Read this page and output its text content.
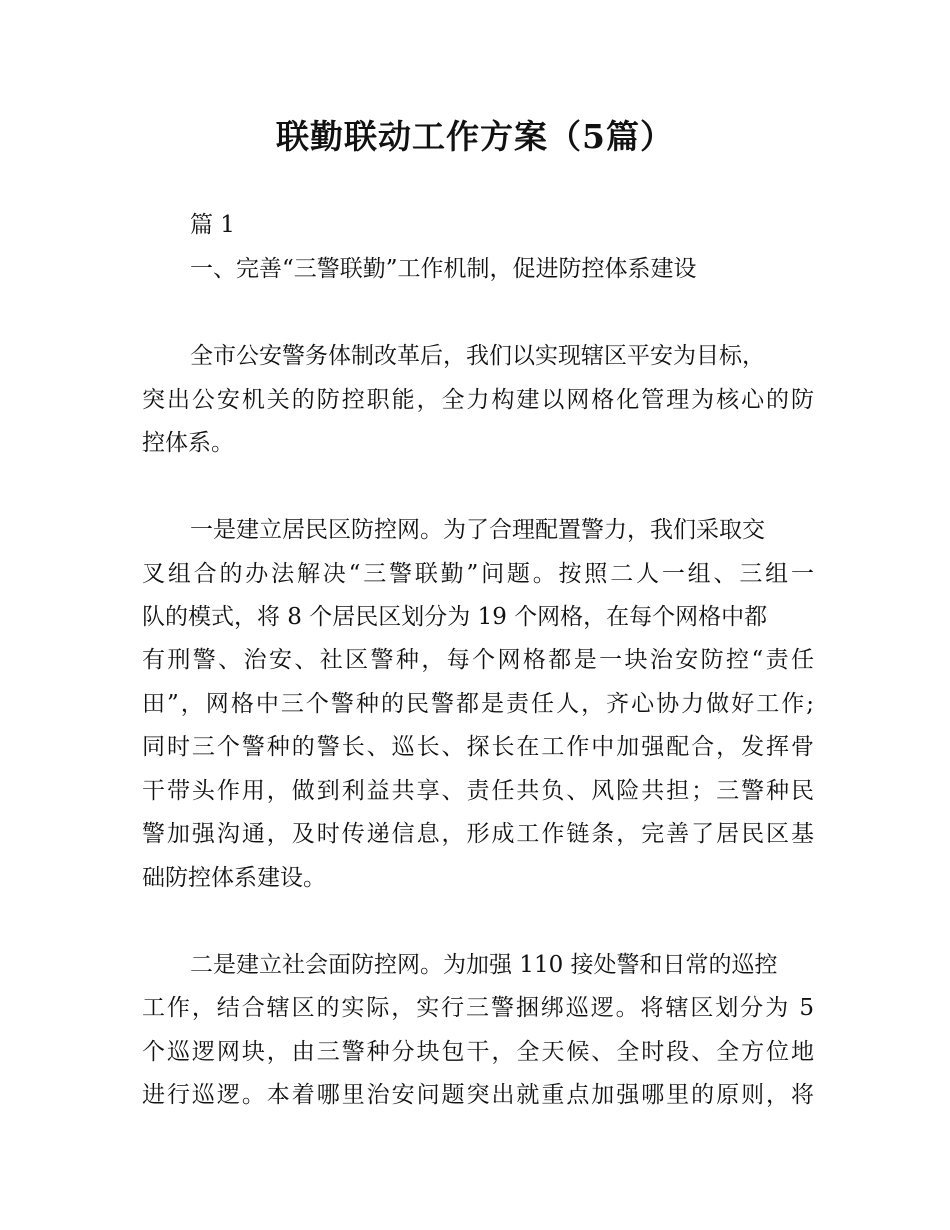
联勤联动工作方案（5篇）

篇 1

一、完善“三警联勤”工作机制，促进防控体系建设

全市公安警务体制改革后，我们以实现辖区平安为目标，

突出公安机关的防控职能，全力构建以网格化管理为核心的防

控体系。

一是建立居民区防控网。为了合理配置警力，我们采取交

叉组合的办法解决“三警联勤”问题。按照二人一组、三组一

队的模式，将 8 个居民区划分为 19 个网格，在每个网格中都

有刑警、治安、社区警种，每个网格都是一块治安防控“责任

田”，网格中三个警种的民警都是责任人，齐心协力做好工作;

同时三个警种的警长、巡长、探长在工作中加强配合，发挥骨

干带头作用，做到利益共享、责任共负、风险共担；三警种民

警加强沟通，及时传递信息，形成工作链条，完善了居民区基

础防控体系建设。

二是建立社会面防控网。为加强 110 接处警和日常的巡控

工作，结合辖区的实际，实行三警捆绑巡逻。将辖区划分为 5

个巡逻网块，由三警种分块包干，全天候、全时段、全方位地

进行巡逻。本着哪里治安问题突出就重点加强哪里的原则，将
